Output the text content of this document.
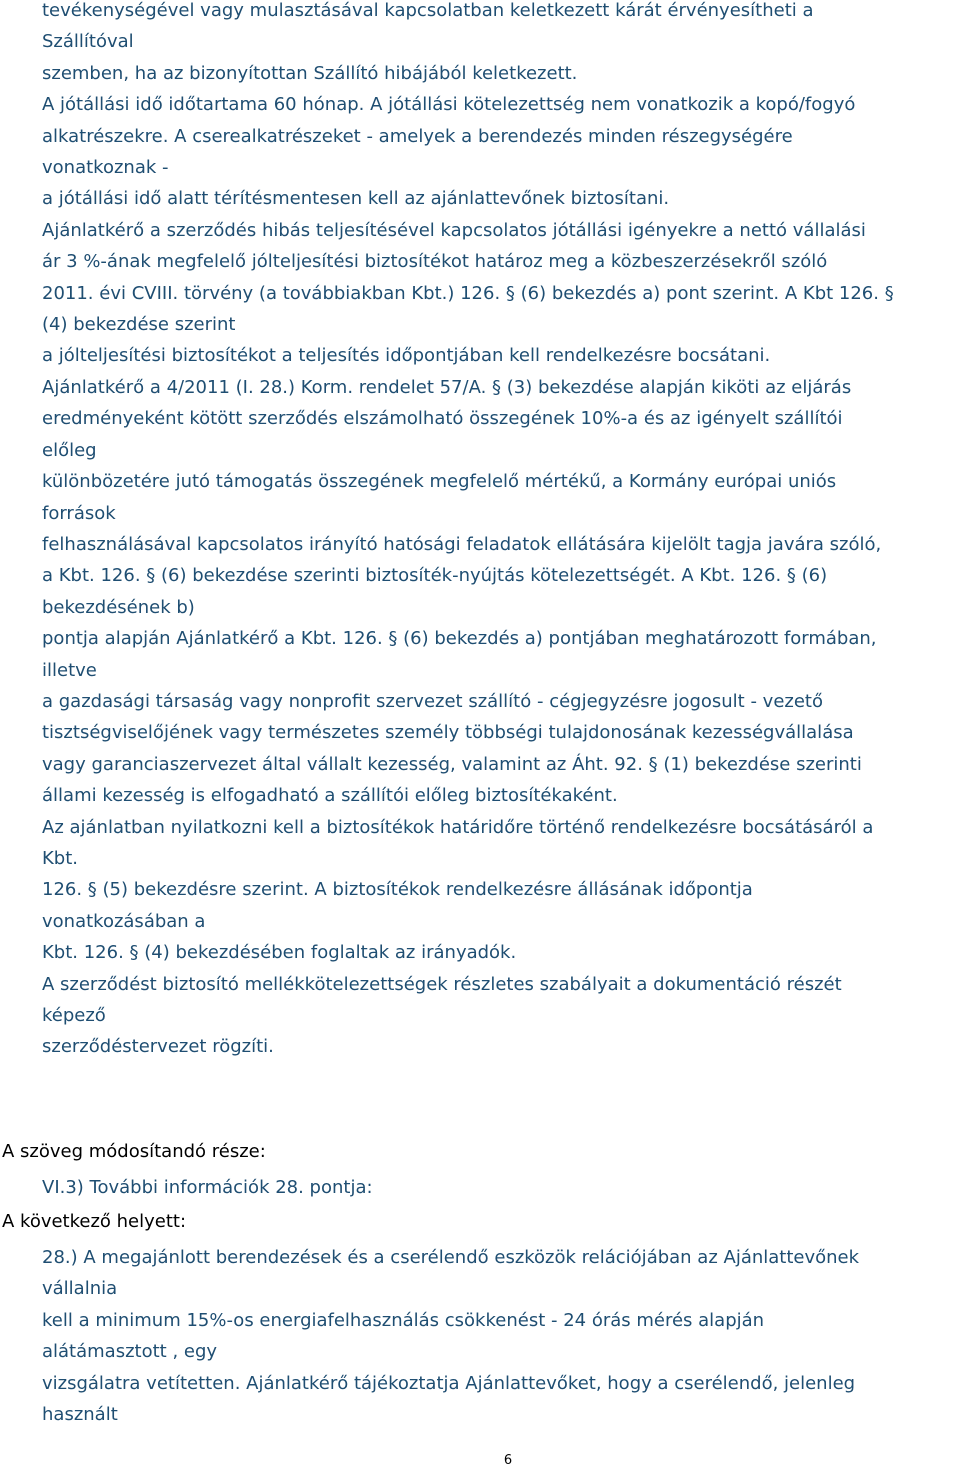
tevékenységével vagy mulasztásával kapcsolatban keletkezett kárát érvényesítheti a
Szállítóval
szemben, ha az bizonyítottan Szállító hibájából keletkezett.
A jótállási idő időtartama 60 hónap. A jótállási kötelezettség nem vonatkozik a kopó/fogyó
alkatrészekre. A cserealkatrészeket - amelyek a berendezés minden részegységére
vonatkoznak -
a jótállási idő alatt térítésmentesen kell az ajánlattevőnek biztosítani.
Ajánlatkérő a szerződés hibás teljesítésével kapcsolatos jótállási igényekre a nettó vállalási
ár 3 %-ának megfelelő jólteljesítési biztosítékot határoz meg a közbeszerzésekről szóló
2011. évi CVIII. törvény (a továbbiakban Kbt.) 126. § (6) bekezdés a) pont szerint. A Kbt 126. §
(4) bekezdése szerint
a jólteljesítési biztosítékot a teljesítés időpontjában kell rendelkezésre bocsátani.
Ajánlatkérő a 4/2011 (I. 28.) Korm. rendelet 57/A. § (3) bekezdése alapján kiköti az eljárás
eredményeként kötött szerződés elszámolható összegének 10%-a és az igényelt szállítói
előleg
különbözetére jutó támogatás összegének megfelelő mértékű, a Kormány európai uniós
források
felhasználásával kapcsolatos irányító hatósági feladatok ellátására kijelölt tagja javára szóló,
a Kbt. 126. § (6) bekezdése szerinti biztosíték-nyújtás kötelezettségét. A Kbt. 126. § (6)
bekezdésének b)
pontja alapján Ajánlatkérő a Kbt. 126. § (6) bekezdés a) pontjában meghatározott formában,
illetve
a gazdasági társaság vagy nonprofit szervezet szállító - cégjegyzésre jogosult - vezető
tisztségviselőjének vagy természetes személy többségi tulajdonosának kezességvállalása
vagy garanciaszervezet által vállalt kezesség, valamint az Áht. 92. § (1) bekezdése szerinti
állami kezesség is elfogadható a szállítói előleg biztosítékaként.
Az ajánlatban nyilatkozni kell a biztosítékok határidőre történő rendelkezésre bocsátásáról a
Kbt.
126. § (5) bekezdésre szerint. A biztosítékok rendelkezésre állásának időpontja
vonatkozásában a
Kbt. 126. § (4) bekezdésében foglaltak az irányadók.
A szerződést biztosító mellékkötelezettségek részletes szabályait a dokumentáció részét
képező
szerződéstervezet rögzíti.
A szöveg módosítandó része:
VI.3) További információk 28. pontja:
A következő helyett:
28.) A megajánlott berendezések és a cserélendő eszközök relációjában az Ajánlattevőnek
vállalnia
kell a minimum 15%-os energiafelhasználás csökkenést - 24 órás mérés alapján
alátámasztott , egy
vizsgálatra vetítetten. Ajánlatkérő tájékoztatja Ajánlattevőket, hogy a cserélendő, jelenleg
használt
6
